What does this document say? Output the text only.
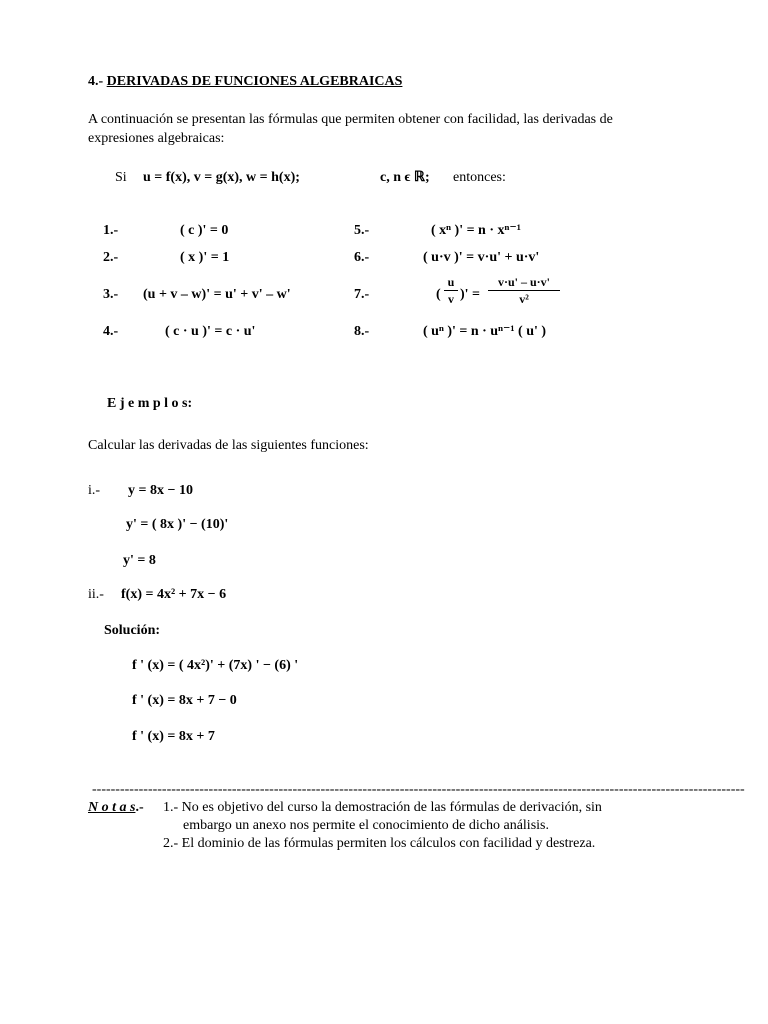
4.- DERIVADAS DE FUNCIONES ALGEBRAICAS
A continuación se presentan las fórmulas que permiten obtener con facilidad, las derivadas de
expresiones algebraicas:
Si u = f(x), v = g(x), w = h(x);	c, n ϵ ℝ; entonces:
1.-	( c )' = 0
2.-	( x )' = 1
3.- (u + v – w)' = u' + v' – w'
4.-	( c · u )' = c · u'
5.-	( xⁿ )' = n · xⁿ⁻¹
6.-	( u·v )' = v·u' + u·v'
7.-	(
u
v )' =
v·u' – u·v'
v²
8.-	( uⁿ )' = n · uⁿ⁻¹ ( u' )
E j e m p l o s:
Calcular las derivadas de las siguientes funciones:
i.- y = 8x − 10
y' = ( 8x )' − (10)'
y' = 8
ii.- f(x) = 4x² + 7x − 6
Solución:
f ' (x) = ( 4x²)' + (7x) ' − (6) '
f ' (x) = 8x + 7 − 0
f ' (x) = 8x + 7
--------------------------------------------------------------------------------------------------------------------------------------------
N o t a s.- 1.- No es objetivo del curso la demostración de las fórmulas de derivación, sin
embargo un anexo nos permite el conocimiento de dicho análisis.
2.- El dominio de las fórmulas permiten los cálculos con facilidad y destreza.
